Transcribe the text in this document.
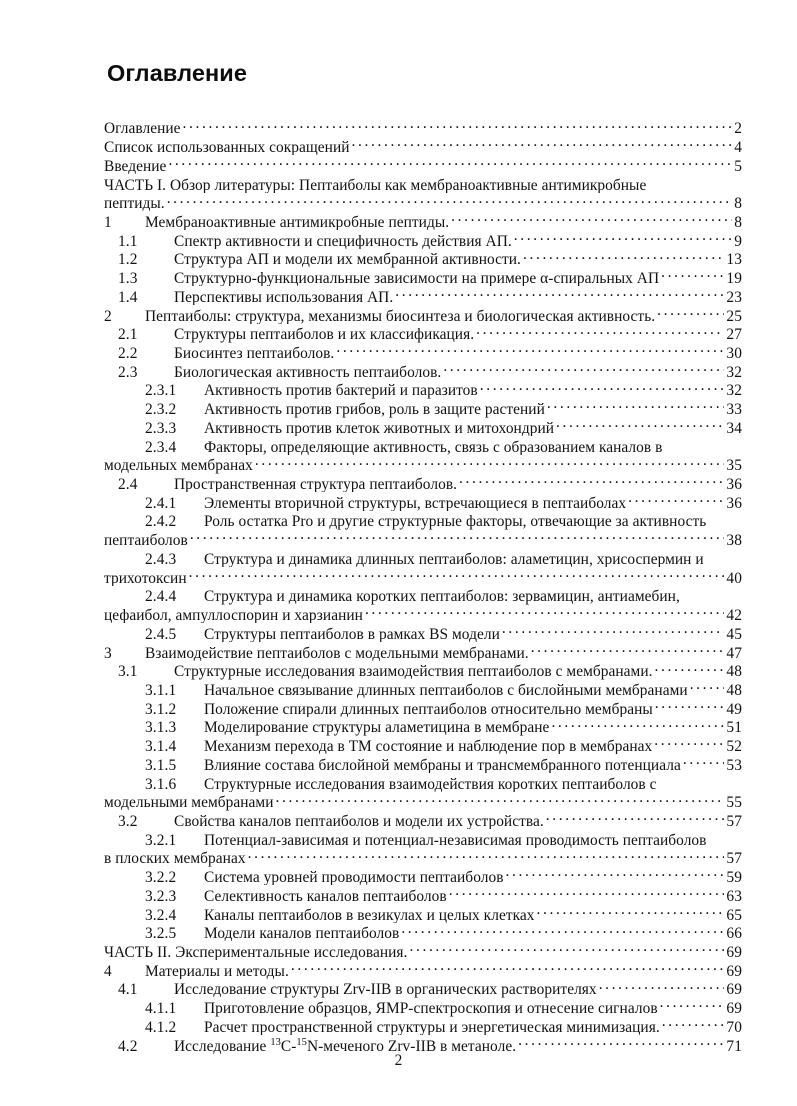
Оглавление
Оглавление . . .	2
Список использованных сокращений . . .	4
Введение . . .	5
ЧАСТЬ I. Обзор литературы: Пептаиболы как мембраноактивные антимикробные
пептиды. . . .	8
1	Мембраноактивные антимикробные пептиды. . . .	8
1.1	Спектр активности и специфичность действия АП. . . .	9
1.2	Структура АП и модели их мембранной активности. . . .	13
1.3	Структурно-функциональные зависимости на примере α-спиральных АП . . .	19
1.4	Перспективы использования АП. . . .	23
2	Пептаиболы: структура, механизмы биосинтеза и биологическая активность. . . .	25
2.1	Структуры пептаиболов и их классификация. . . .	27
2.2	Биосинтез пептаиболов. . . .	30
2.3	Биологическая активность пептаиболов. . . .	32
2.3.1	Активность против бактерий и паразитов . . .	32
2.3.2	Активность против грибов, роль в защите растений . . .	33
2.3.3	Активность против клеток животных и митохондрий . . .	34
2.3.4	Факторы, определяющие активность, связь с образованием каналов в
модельных мембранах . . .	35
2.4	Пространственная структура пептаиболов. . . .	36
2.4.1	Элементы вторичной структуры, встречающиеся в пептаиболах . . .	36
2.4.2	Роль остатка Pro и другие структурные факторы, отвечающие за активность
пептаиболов . . .	38
2.4.3	Структура и динамика длинных пептаиболов: аламетицин, хрисоспермин и
трихотоксин . . .	40
2.4.4	Структура и динамика коротких пептаиболов: зервамицин, антиамебин,
цефаибол, ампуллоспорин и харзианин . . .	42
2.4.5	Структуры пептаиболов в рамках BS модели . . .	45
3	Взаимодействие пептаиболов с модельными мембранами. . . .	47
3.1	Структурные исследования взаимодействия пептаиболов с мембранами. . . .	48
3.1.1	Начальное связывание длинных пептаиболов с бислойными мембранами . . .	48
3.1.2	Положение спирали длинных пептаиболов относительно мембраны . . .	49
3.1.3	Моделирование структуры аламетицина в мембране . . .	51
3.1.4	Механизм перехода в ТМ состояние и наблюдение пор в мембранах . . .	52
3.1.5	Влияние состава бислойной мембраны и трансмембранного потенциала . . .	53
3.1.6	Структурные исследования взаимодействия коротких пептаиболов с
модельными мембранами . . .	55
3.2	Свойства каналов пептаиболов и модели их устройства. . . .	57
3.2.1	Потенциал-зависимая и потенциал-независимая проводимость пептаиболов
в плоских мембранах . . .	57
3.2.2	Система уровней проводимости пептаиболов . . .	59
3.2.3	Селективность каналов пептаиболов . . .	63
3.2.4	Каналы пептаиболов в везикулах и целых клетках . . .	65
3.2.5	Модели каналов пептаиболов . . .	66
ЧАСТЬ II. Экспериментальные исследования. . . .	69
4	Материалы и методы. . . .	69
4.1	Исследование структуры Zrv-IIB в органических растворителях . . .	69
4.1.1	Приготовление образцов, ЯМР-спектроскопия и отнесение сигналов . . .	69
4.1.2	Расчет пространственной структуры и энергетическая минимизация. . . .	70
4.2	Исследование $^{13}$C-$^{15}$N-меченого Zrv-IIB в метаноле. . . .	71
2
